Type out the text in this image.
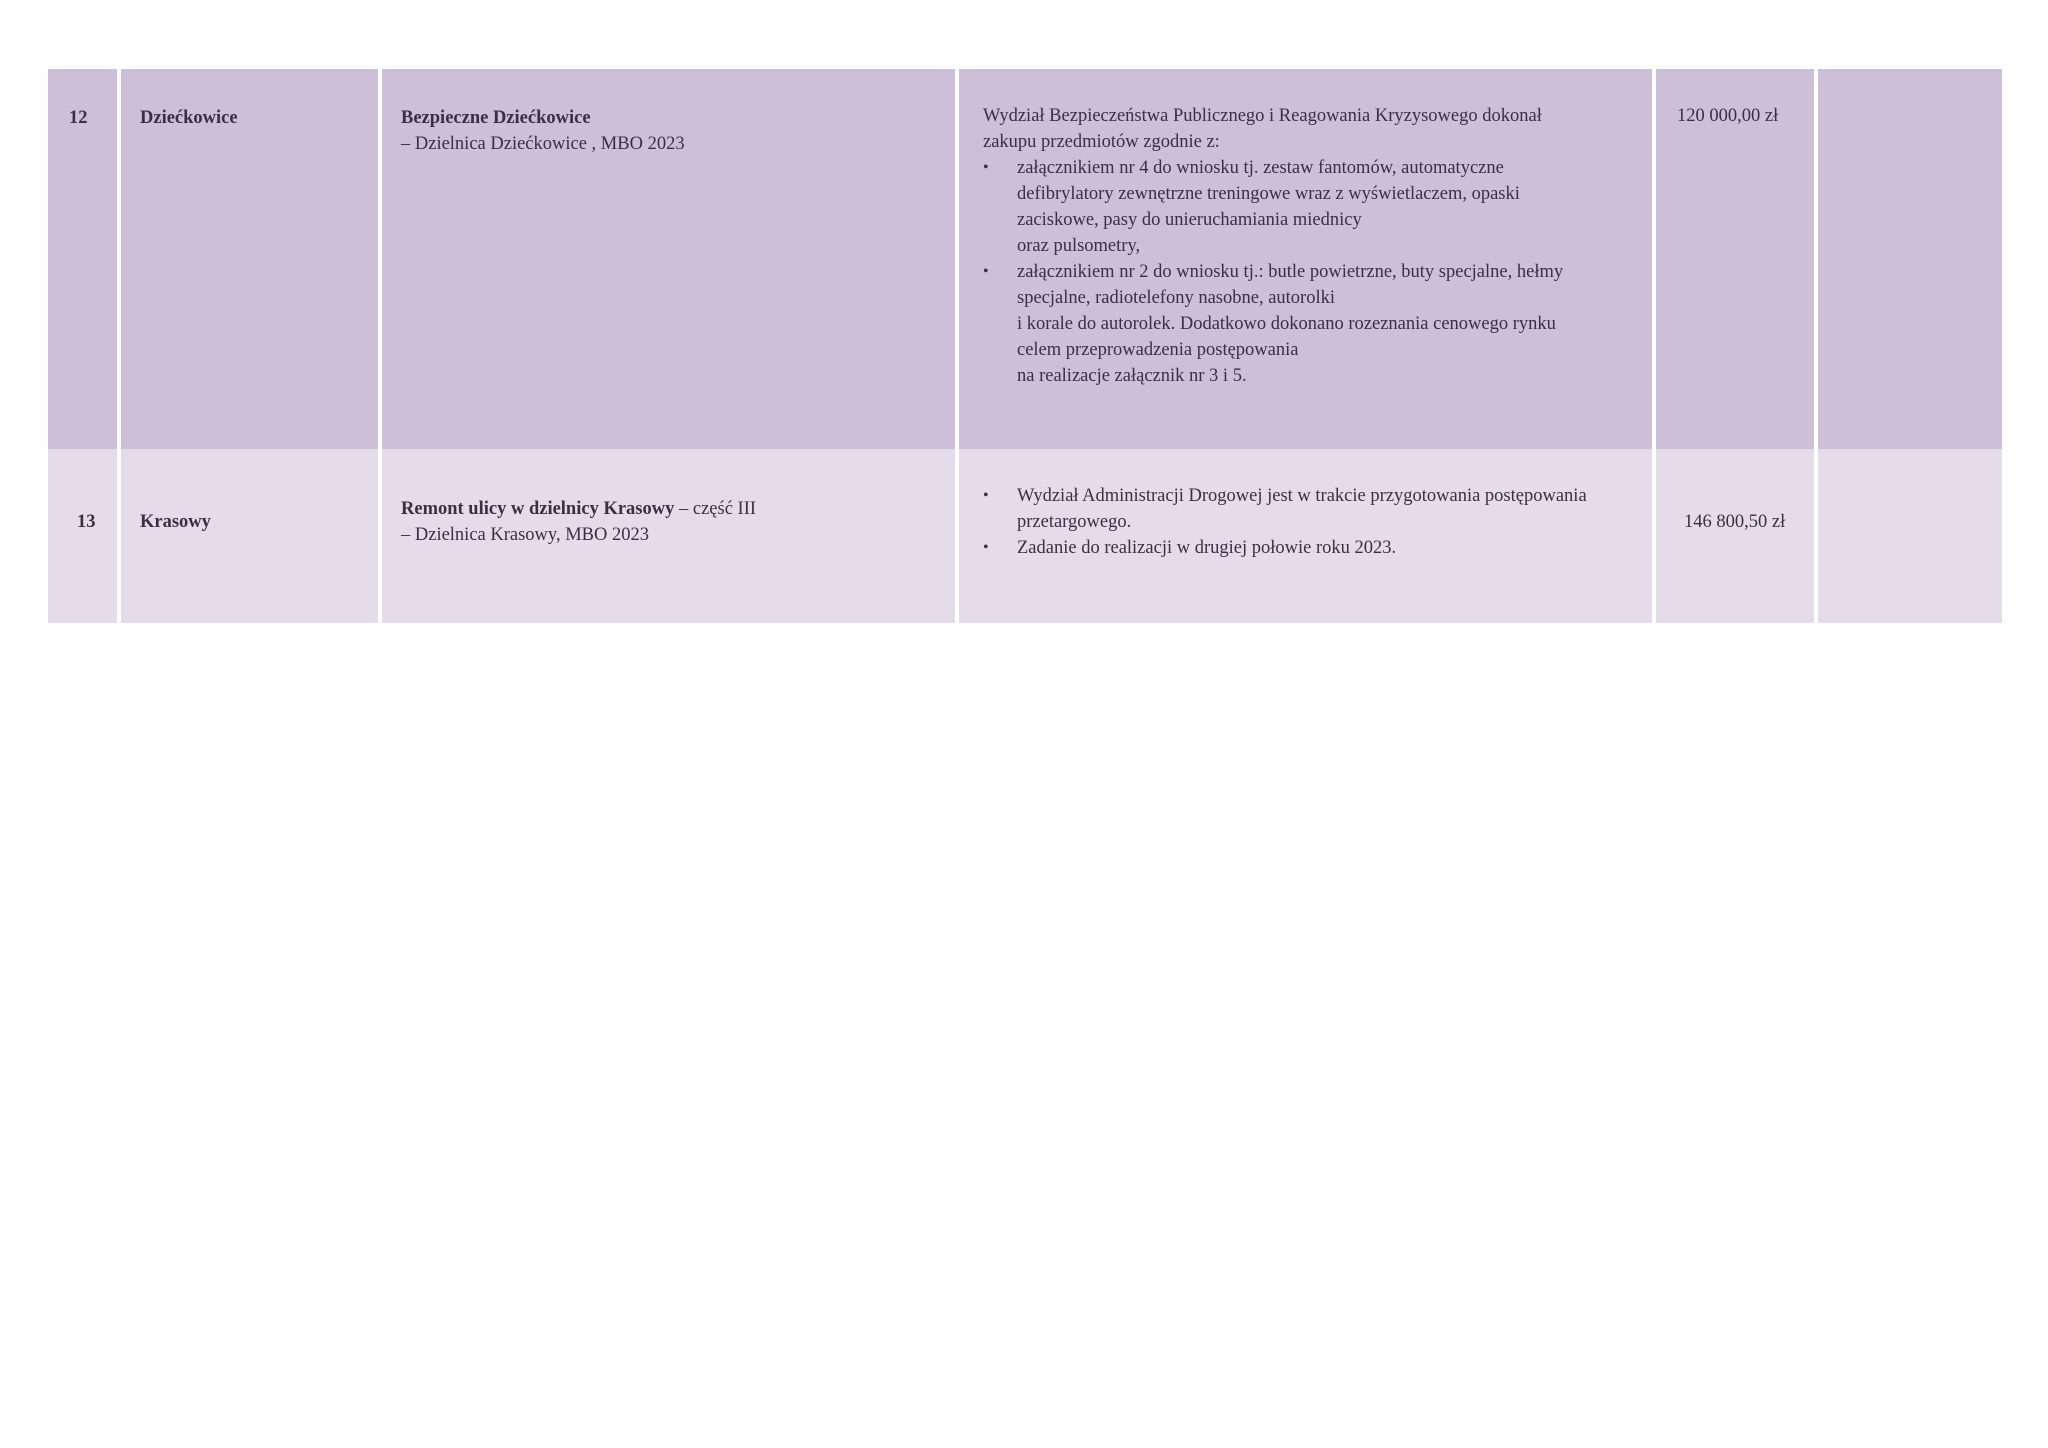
12	Dziećkowice	Bezpieczne Dziećkowice
– Dzielnica Dziećkowice , MBO 2023
Wydział Bezpieczeństwa Publicznego i Reagowania Kryzysowego dokonał
zakupu przedmiotów zgodnie z:
• załącznikiem nr 4 do wniosku tj. zestaw fantomów, automatyczne
defibrylatory zewnętrzne treningowe wraz z wyświetlaczem, opaski
zaciskowe, pasy do unieruchamiania miednicy
oraz pulsometry,
• załącznikiem nr 2 do wniosku tj.: butle powietrzne, buty specjalne, hełmy
specjalne, radiotelefony nasobne, autorolki
i korale do autorolek. Dodatkowo dokonano rozeznania cenowego rynku
celem przeprowadzenia postępowania
na realizacje załącznik nr 3 i 5.
120 000,00 zł
13 Krasowy
Remont ulicy w dzielnicy Krasowy – część III
– Dzielnica Krasowy, MBO 2023
• Wydział Administracji Drogowej jest w trakcie przygotowania postępowania
przetargowego.
• Zadanie do realizacji w drugiej połowie roku 2023.
146 800,50 zł
